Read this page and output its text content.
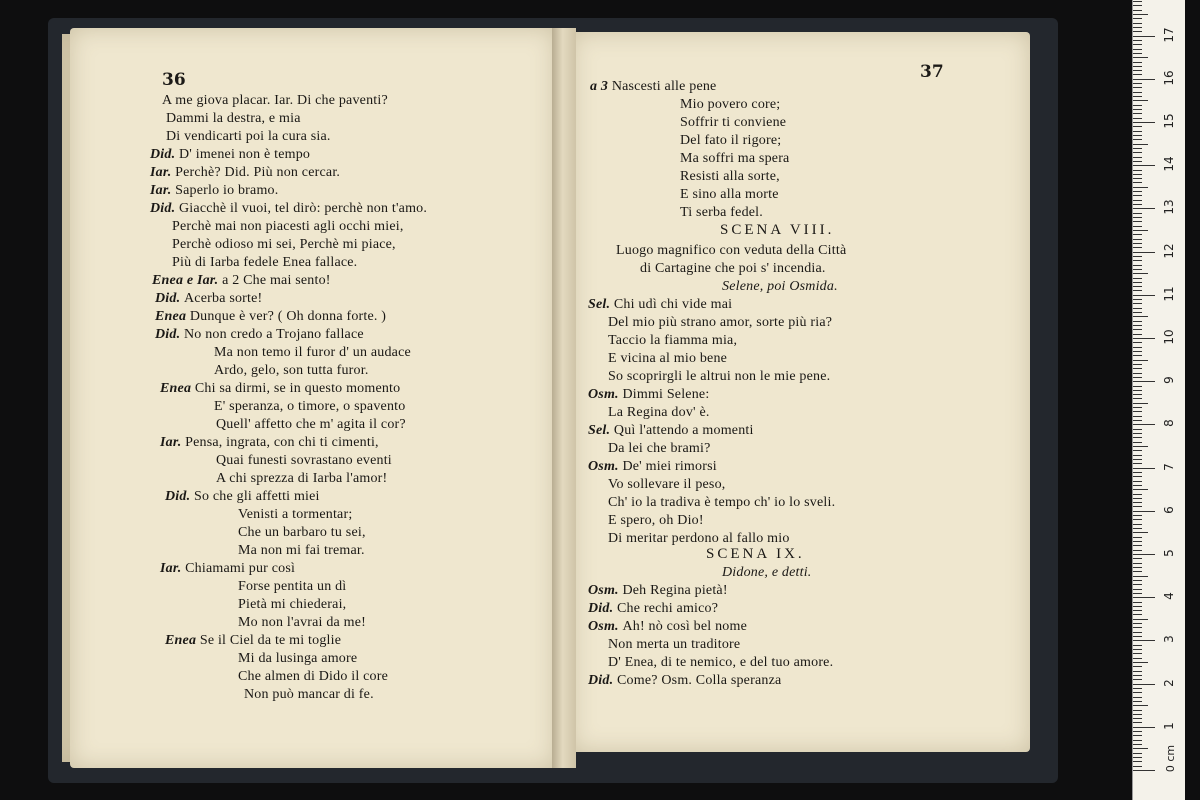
36	37
A me giova placar. Iar. Di che paventi?
Dammi la destra, e mia
Di vendicarti poi la cura sia.
Did. D' imenei non è tempo
Iar. Perchè? Did. Più non cercar.
Iar. Saperlo io bramo.
Did. Giacchè il vuoi, tel dirò: perchè non t'amo.
Perchè mai non piacesti agli occhi miei,
Perchè odioso mi sei, Perchè mi piace,
Più di Iarba fedele Enea fallace.
Enea e Iar. a 2 Che mai sento!
Did. Acerba sorte!
Enea Dunque è ver? ( Oh donna forte. )
Did. No non credo a Trojano fallace
Ma non temo il furor d' un audace
Ardo, gelo, son tutta furor.
Enea Chi sa dirmi, se in questo momento
E' speranza, o timore, o spavento
Quell' affetto che m' agita il cor?
Iar. Pensa, ingrata, con chi ti cimenti,
Quai funesti sovrastano eventi
A chi sprezza di Iarba l'amor!
Did. So che gli affetti miei
Venisti a tormentar;
Che un barbaro tu sei,
Ma non mi fai tremar.
Iar. Chiamami pur così
Forse pentita un dì
Pietà mi chiederai,
Mo non l'avrai da me!
Enea Se il Ciel da te mi toglie
Mi da lusinga amore
Che almen di Dido il core
Non può mancar di fe.
a 3 Nascesti alle pene
Mio povero core;
Soffrir ti conviene
Del fato il rigore;
Ma soffri ma spera
Resisti alla sorte,
E sino alla morte
Ti serba fedel.
Luogo magnifico con veduta della Città
di Cartagine che poi s' incendia.
Sel. Chi udì chi vide mai
Del mio più strano amor, sorte più ria?
Taccio la fiamma mia,
E vicina al mio bene
So scoprirgli le altrui non le mie pene.
Osm. Dimmi Selene:
La Regina dov' è.
Sel. Quì l'attendo a momenti
Da lei che brami?
Osm. De' miei rimorsi
Vo sollevare il peso,
Ch' io la tradiva è tempo ch' io lo sveli.
E spero, oh Dio!
Di meritar perdono al fallo mio
Osm. Deh Regina pietà!
Did. Che rechi amico?
Osm. Ah! nò così bel nome
Non merta un traditore
D' Enea, di te nemico, e del tuo amore.
Did. Come? Osm. Colla speranza
SCENA VIII.
SCENA IX.
Selene, poi Osmida.
Didone, e detti.
1
2
3
4
5
6
7
8
9
10
11
12
13
14
15
16
17
0 cm
